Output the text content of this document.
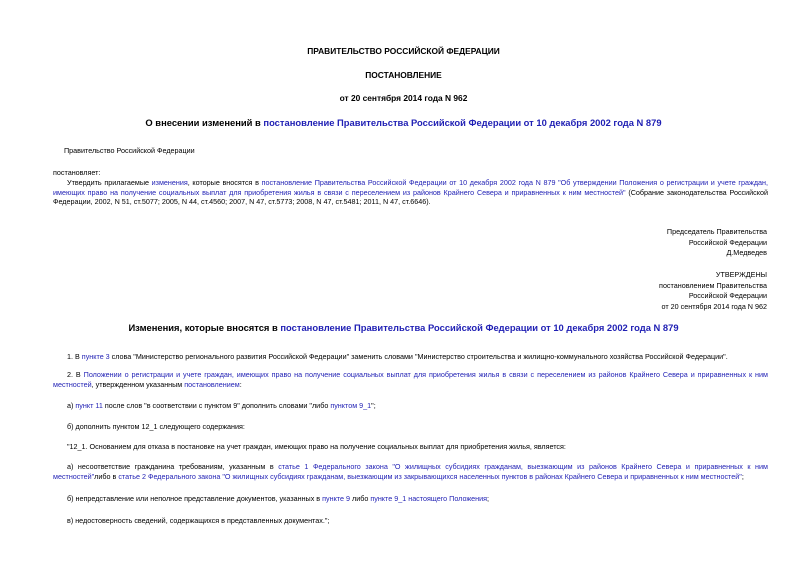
ПРАВИТЕЛЬСТВО РОССИЙСКОЙ ФЕДЕРАЦИИ
ПОСТАНОВЛЕНИЕ
от 20 сентября 2014 года N 962
О внесении изменений в постановление Правительства Российской Федерации от 10 декабря 2002 года N 879
Правительство Российской Федерации
постановляет:
Утвердить прилагаемые изменения, которые вносятся в постановление Правительства Российской Федерации от 10 декабря 2002 года N 879 "Об утверждении Положения о регистрации и учете граждан, имеющих право на получение социальных выплат для приобретения жилья в связи с переселением из районов Крайнего Севера и приравненных к ним местностей" (Собрание законодательства Российской Федерации, 2002, N 51, ст.5077; 2005, N 44, ст.4560; 2007, N 47, ст.5773; 2008, N 47, ст.5481; 2011, N 47, ст.6646).
Председатель Правительства
Российской Федерации
Д.Медведев
УТВЕРЖДЕНЫ
постановлением Правительства
Российской Федерации
от 20 сентября 2014 года N 962
Изменения, которые вносятся в постановление Правительства Российской Федерации от 10 декабря 2002 года N 879
1. В пункте 3 слова "Министерство регионального развития Российской Федерации" заменить словами "Министерство строительства и жилищно-коммунального хозяйства Российской Федерации".
2. В Положении о регистрации и учете граждан, имеющих право на получение социальных выплат для приобретения жилья в связи с переселением из районов Крайнего Севера и приравненных к ним местностей, утвержденном указанным постановлением:
а) пункт 11 после слов "в соответствии с пунктом 9" дополнить словами "либо пунктом 9_1";
б) дополнить пунктом 12_1 следующего содержания:
"12_1. Основанием для отказа в постановке на учет граждан, имеющих право на получение социальных выплат для приобретения жилья, является:
а) несоответствие гражданина требованиям, указанным в статье 1 Федерального закона "О жилищных субсидиях гражданам, выезжающим из районов Крайнего Севера и приравненных к ним местностей"либо в статье 2 Федерального закона "О жилищных субсидиях гражданам, выезжающим из закрывающихся населенных пунктов в районах Крайнего Севера и приравненных к ним местностей";
б) непредставление или неполное представление документов, указанных в пункте 9 либо пункте 9_1 настоящего Положения;
в) недостоверность сведений, содержащихся в представленных документах.";
